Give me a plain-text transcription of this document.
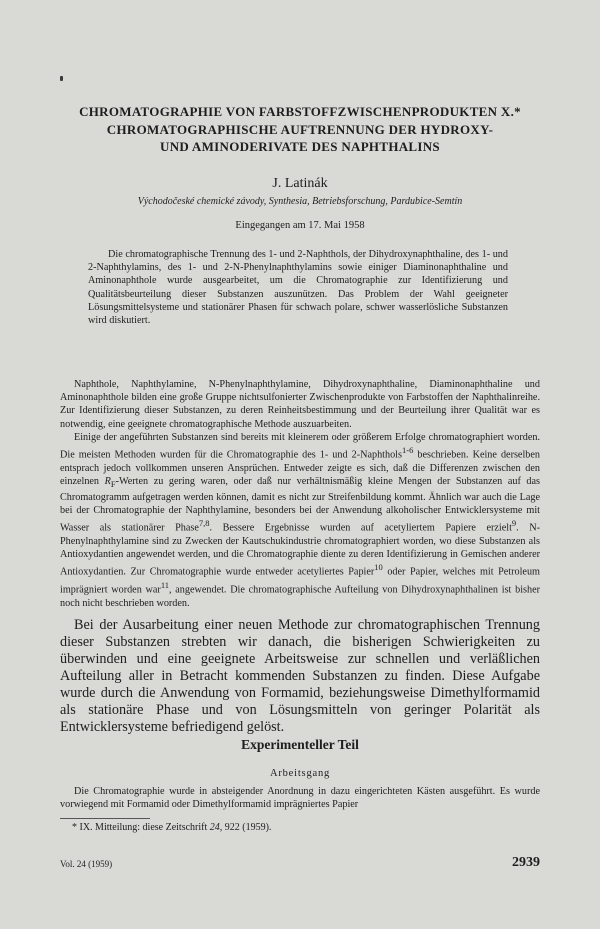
CHROMATOGRAPHIE VON FARBSTOFFZWISCHENPRODUKTEN X.*
CHROMATOGRAPHISCHE AUFTRENNUNG DER HYDROXY-
UND AMINODERIVATE DES NAPHTHALINS
J. Latinák
Východočeské chemické závody, Synthesia, Betriebsforschung, Pardubice-Semtín
Eingegangen am 17. Mai 1958

Die chromatographische Trennung des 1- und 2-Naphthols, der Dihydroxynaphthaline, des 1- und 2-Naphthylamins, des 1- und 2-N-Phenylnaphthylamins sowie einiger Diaminonaphthaline und Aminonaphthole wurde ausgearbeitet, um die Chromatographie zur Identifizierung und Qualitätsbeurteilung dieser Substanzen auszunützen. Das Problem der Wahl geeigneter Lösungsmittelsysteme und stationärer Phasen für schwach polare, schwer wasserlösliche Substanzen wird diskutiert.

Naphthole, Naphthylamine, N-Phenylnaphthylamine, Dihydroxynaphthaline, Diaminonaphthaline und Aminonaphthole bilden eine große Gruppe nichtsulfonierter Zwischenprodukte von Farbstoffen der Naphthalinreihe. Zur Identifizierung dieser Substanzen, zu deren Reinheitsbestimmung und der Beurteilung ihrer Qualität war es notwendig, eine geeignete chromatographische Methode auszuarbeiten.

Einige der angeführten Substanzen sind bereits mit kleinerem oder größerem Erfolge chromatographiert worden. Die meisten Methoden wurden für die Chromatographie des 1- und 2-Naphthols$^{1-6}$ beschrieben. Keine derselben entsprach jedoch vollkommen unseren Ansprüchen. Entweder zeigte es sich, daß die Differenzen zwischen den einzelnen $R_F$-Werten zu gering waren, oder daß nur verhältnismäßig kleine Mengen der Substanzen auf das Chromatogramm aufgetragen werden können, damit es nicht zur Streifenbildung kommt. Ähnlich war auch die Lage bei der Chromatographie der Naphthylamine, besonders bei der Anwendung alkoholischer Entwicklersysteme mit Wasser als stationärer Phase$^{7,8}$. Bessere Ergebnisse wurden auf acetyliertem Papiere erzielt$^9$. N-Phenylnaphthylamine sind zu Zwecken der Kautschukindustrie chromatographiert worden, wo diese Substanzen als Antioxydantien angewendet werden, und die Chromatographie diente zu deren Identifizierung in Gemischen anderer Antioxydantien. Zur Chromatographie wurde entweder acetyliertes Papier$^{10}$ oder Papier, welches mit Petroleum imprägniert worden war$^{11}$, angewendet. Die chromatographische Aufteilung von Dihydroxynaphthalinen ist bisher noch nicht beschrieben worden.

Bei der Ausarbeitung einer neuen Methode zur chromatographischen Trennung dieser Substanzen strebten wir danach, die bisherigen Schwierigkeiten zu überwinden und eine geeignete Arbeitsweise zur schnellen und verläßlichen Aufteilung aller in Betracht kommenden Substanzen zu finden. Diese Aufgabe wurde durch die Anwendung von Formamid, beziehungsweise Dimethylformamid als stationäre Phase und von Lösungsmitteln von geringer Polarität als Entwicklersysteme befriedigend gelöst.

Experimenteller Teil
Arbeitsgang

Die Chromatographie wurde in absteigender Anordnung in dazu eingerichteten Kästen ausgeführt. Es wurde vorwiegend mit Formamid oder Dimethylformamid imprägniertes Papier

* IX. Mitteilung: diese Zeitschrift 24, 922 (1959).
Vol. 24 (1959)	2939
